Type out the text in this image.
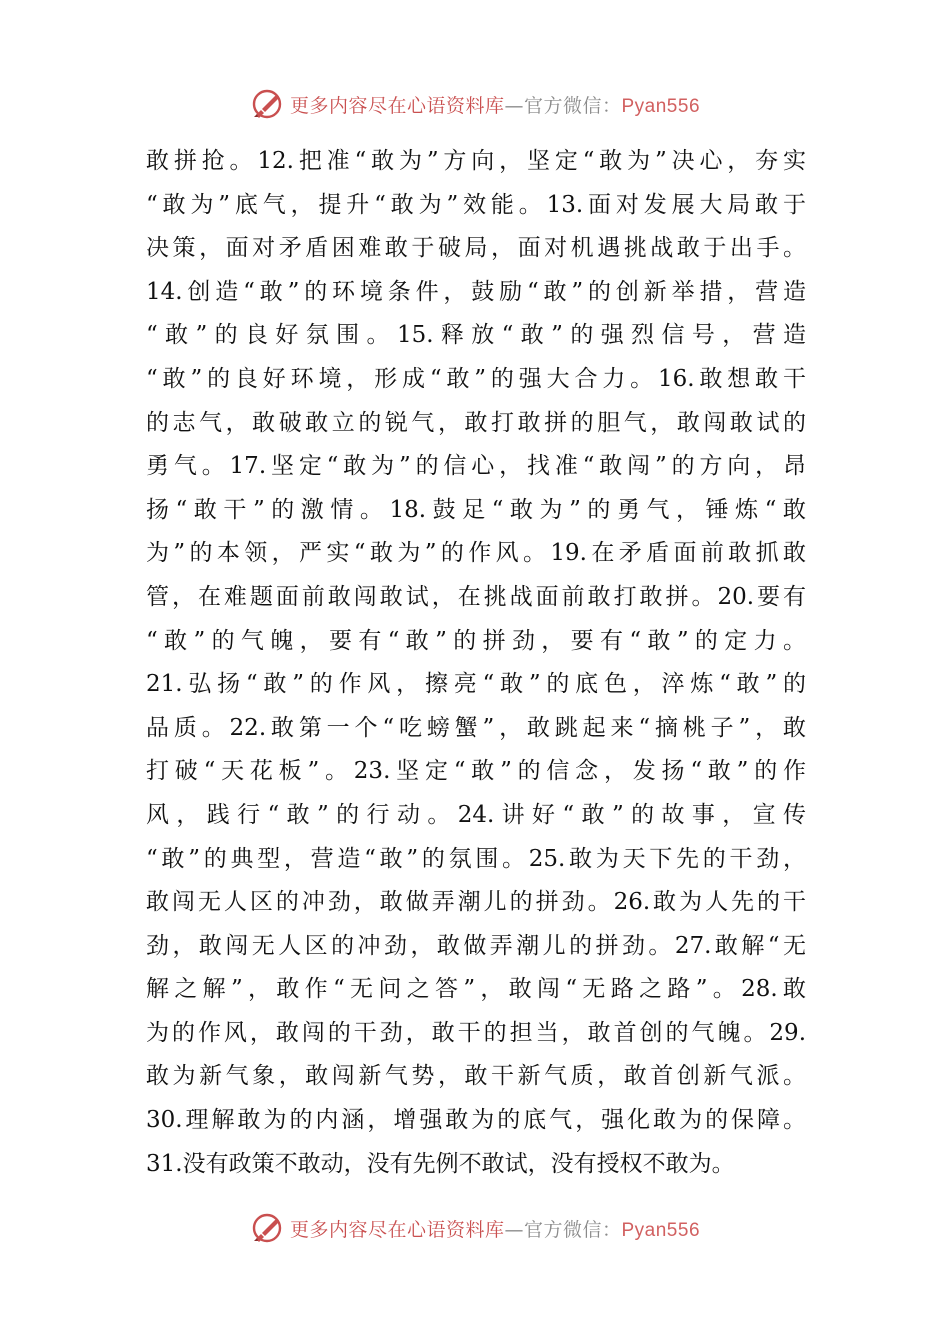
更多内容尽在心语资料库—官方微信：Pyan556
敢拼抢。12.把准“敢为”方向，坚定“敢为”决心，夯实
“敢为”底气，提升“敢为”效能。13.面对发展大局敢于
决策，面对矛盾困难敢于破局，面对机遇挑战敢于出手。
14.创造“敢”的环境条件，鼓励“敢”的创新举措，营造
“敢”的良好氛围。15.释放“敢”的强烈信号，营造
“敢”的良好环境，形成“敢”的强大合力。16.敢想敢干
的志气，敢破敢立的锐气，敢打敢拼的胆气，敢闯敢试的
勇气。17.坚定“敢为”的信心，找准“敢闯”的方向，昂
扬“敢干”的激情。18.鼓足“敢为”的勇气，锤炼“敢
为”的本领，严实“敢为”的作风。19.在矛盾面前敢抓敢
管，在难题面前敢闯敢试，在挑战面前敢打敢拼。20.要有
“敢”的气魄，要有“敢”的拼劲，要有“敢”的定力。
21.弘扬“敢”的作风，擦亮“敢”的底色，淬炼“敢”的
品质。22.敢第一个“吃螃蟹”，敢跳起来“摘桃子”，敢
打破“天花板”。23.坚定“敢”的信念，发扬“敢”的作
风，践行“敢”的行动。24.讲好“敢”的故事，宣传
“敢”的典型，营造“敢”的氛围。25.敢为天下先的干劲，
敢闯无人区的冲劲，敢做弄潮儿的拼劲。26.敢为人先的干
劲，敢闯无人区的冲劲，敢做弄潮儿的拼劲。27.敢解“无
解之解”，敢作“无问之答”，敢闯“无路之路”。28.敢
为的作风，敢闯的干劲，敢干的担当，敢首创的气魄。29.
敢为新气象，敢闯新气势，敢干新气质，敢首创新气派。
30.理解敢为的内涵，增强敢为的底气，强化敢为的保障。
31.没有政策不敢动，没有先例不敢试，没有授权不敢为。
更多内容尽在心语资料库—官方微信：Pyan556
